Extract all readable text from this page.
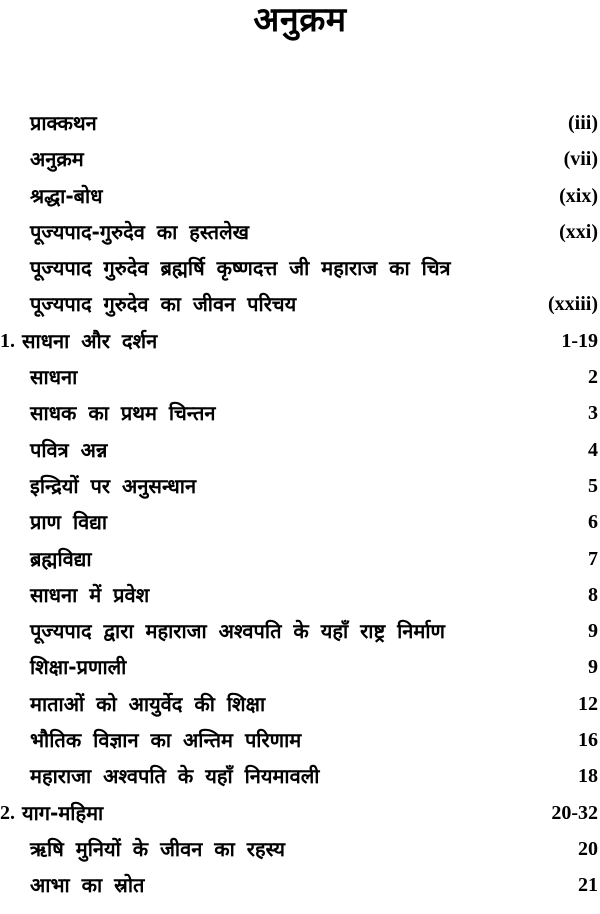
अनुक्रम
प्राक्कथन	(iii)
अनुक्रम	(vii)
श्रद्धा-बोध	(xix)
पूज्यपाद-गुरुदेव का हस्तलेख	(xxi)
पूज्यपाद गुरुदेव ब्रह्मर्षि कृष्णदत्त जी महाराज का चित्र
पूज्यपाद गुरुदेव का जीवन परिचय	(xxiii)
1. साधना और दर्शन	1-19
साधना	2
साधक का प्रथम चिन्तन	3
पवित्र अन्न	4
इन्द्रियों पर अनुसन्धान	5
प्राण विद्या	6
ब्रह्मविद्या	7
साधना में प्रवेश	8
पूज्यपाद द्वारा महाराजा अश्वपति के यहाँ राष्ट्र निर्माण	9
शिक्षा-प्रणाली	9
माताओं को आयुर्वेद की शिक्षा	12
भौतिक विज्ञान का अन्तिम परिणाम	16
महाराजा अश्वपति के यहाँ नियमावली	18
2. याग-महिमा	20-32
ऋषि मुनियों के जीवन का रहस्य	20
आभा का स्रोत	21
